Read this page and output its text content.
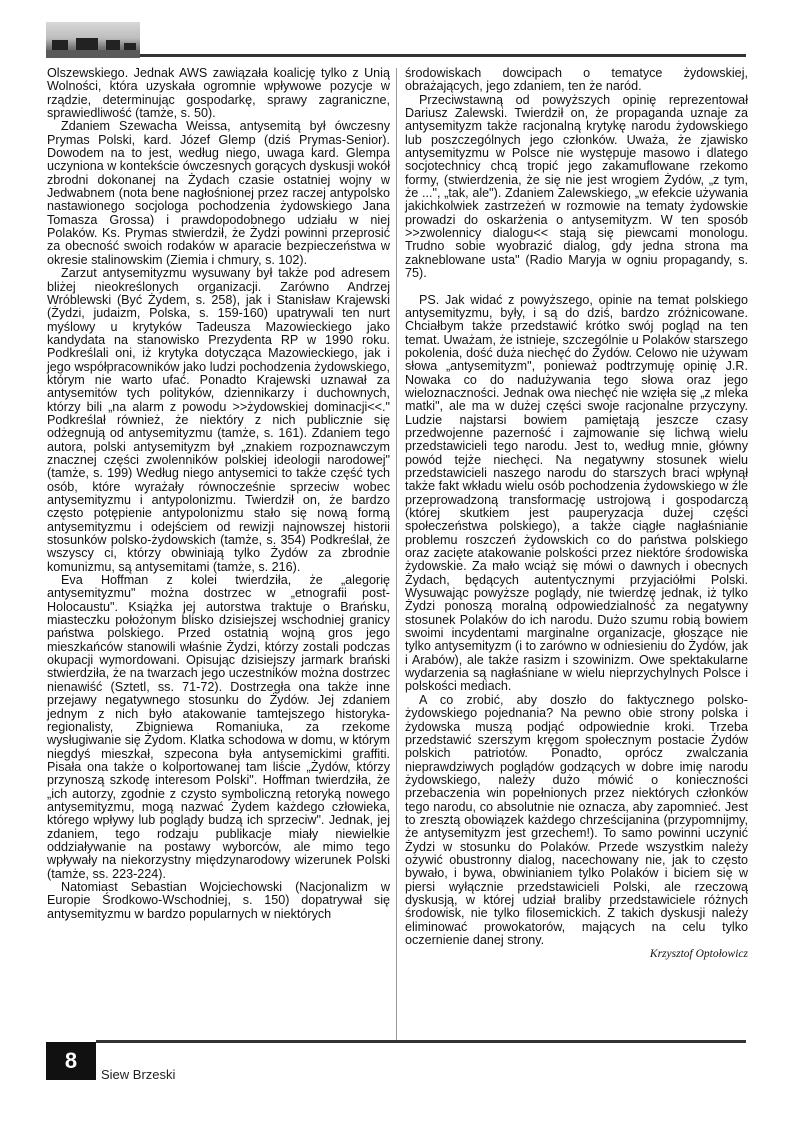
Olszewskiego. Jednak AWS zawiązała koalicję tylko z Unią Wolności, która uzyskała ogromnie wpływowe pozycje w rządzie, determinując gospodarkę, sprawy zagraniczne, sprawiedliwość (tamże, s. 50).

Zdaniem Szewacha Weissa, antysemitą był ówczesny Prymas Polski, kard. Józef Glemp (dziś Prymas-Senior). Dowodem na to jest, według niego, uwaga kard. Glempa uczyniona w kontekście ówczesnych gorących dyskusji wokół zbrodni dokonanej na Żydach czasie ostatniej wojny w Jedwabnem (nota bene nagłośnionej przez raczej antypolsko nastawionego socjologa pochodzenia żydowskiego Jana Tomasza Grossa) i prawdopodobnego udziału w niej Polaków. Ks. Prymas stwierdził, że Żydzi powinni przeprosić za obecność swoich rodaków w aparacie bezpieczeństwa w okresie stalinowskim (Ziemia i chmury, s. 102).

Zarzut antysemityzmu wysuwany był także pod adresem bliżej nieokreślonych organizacji. Zarówno Andrzej Wróblewski (Być Żydem, s. 258), jak i Stanisław Krajewski (Żydzi, judaizm, Polska, s. 159-160) upatrywali ten nurt myślowy u krytyków Tadeusza Mazowieckiego jako kandydata na stanowisko Prezydenta RP w 1990 roku. Podkreślali oni, iż krytyka dotycząca Mazowieckiego, jak i jego współpracowników jako ludzi pochodzenia żydowskiego, którym nie warto ufać. Ponadto Krajewski uznawał za antysemitów tych polityków, dziennikarzy i duchownych, którzy bili „na alarm z powodu >>żydowskiej dominacji<<." Podkreślał również, że niektóry z nich publicznie się odżegnują od antysemityzmu (tamże, s. 161). Zdaniem tego autora, polski antysemityzm był „znakiem rozpoznawczym znacznej części zwolenników polskiej ideologii narodowej" (tamże, s. 199) Według niego antysemici to także część tych osób, które wyrażały równocześnie sprzeciw wobec antysemityzmu i antypolonizmu. Twierdził on, że bardzo często potępienie antypolonizmu stało się nową formą antysemityzmu i odejściem od rewizji najnowszej historii stosunków polsko-żydowskich (tamże, s. 354) Podkreślał, że wszyscy ci, którzy obwiniają tylko Żydów za zbrodnie komunizmu, są antysemitami (tamże, s. 216).

Eva Hoffman z kolei twierdziła, że „alegorię antysemityzmu" można dostrzec w „etnografii post-Holocaustu". Książka jej autorstwa traktuje o Brańsku, miasteczku położonym blisko dzisiejszej wschodniej granicy państwa polskiego. Przed ostatnią wojną gros jego mieszkańców stanowili właśnie Żydzi, którzy zostali podczas okupacji wymordowani. Opisując dzisiejszy jarmark brański stwierdziła, że na twarzach jego uczestników można dostrzec nienawiść (Sztetl, ss. 71-72). Dostrzegła ona także inne przejawy negatywnego stosunku do Żydów. Jej zdaniem jednym z nich było atakowanie tamtejszego historyka-regionalisty, Zbigniewa Romaniuka, za rzekome wysługiwanie się Żydom. Klatka schodowa w domu, w którym niegdyś mieszkał, szpecona była antysemickimi graffiti. Pisała ona także o kolportowanej tam liście „Żydów, którzy przynoszą szkodę interesom Polski". Hoffman twierdziła, że „ich autorzy, zgodnie z czysto symboliczną retoryką nowego antysemityzmu, mogą nazwać Żydem każdego człowieka, którego wpływy lub poglądy budzą ich sprzeciw". Jednak, jej zdaniem, tego rodzaju publikacje miały niewielkie oddziaływanie na postawy wyborców, ale mimo tego wpływały na niekorzystny międzynarodowy wizerunek Polski (tamże, ss. 223-224).

Natomiast Sebastian Wojciechowski (Nacjonalizm w Europie Środkowo-Wschodniej, s. 150) dopatrywał się antysemityzmu w bardzo popularnych w niektórych

środowiskach dowcipach o tematyce żydowskiej, obrażających, jego zdaniem, ten że naród.

Przeciwstawną od powyższych opinię reprezentował Dariusz Zalewski. Twierdził on, że propaganda uznaje za antysemityzm także racjonalną krytykę narodu żydowskiego lub poszczególnych jego członków. Uważa, że zjawisko antysemityzmu w Polsce nie występuje masowo i dlatego socjotechnicy chcą tropić jego zakamuflowane rzekomo formy, (stwierdzenia, że się nie jest wrogiem Żydów, „z tym, że ...", „tak, ale"). Zdaniem Zalewskiego, „w efekcie używania jakichkolwiek zastrzeżeń w rozmowie na tematy żydowskie prowadzi do oskarżenia o antysemityzm. W ten sposób >>zwolennicy dialogu<< stają się piewcami monologu. Trudno sobie wyobrazić dialog, gdy jedna strona ma zakneblowane usta" (Radio Maryja w ogniu propagandy, s. 75).

PS. Jak widać z powyższego, opinie na temat polskiego antysemityzmu, były, i są do dziś, bardzo zróżnicowane. Chciałbym także przedstawić krótko swój pogląd na ten temat. Uważam, że istnieje, szczególnie u Polaków starszego pokolenia, dość duża niechęć do Żydów. Celowo nie używam słowa „antysemityzm", ponieważ podtrzymuję opinię J.R. Nowaka co do nadużywania tego słowa oraz jego wieloznaczności. Jednak owa niechęć nie wzięła się „z mleka matki", ale ma w dużej części swoje racjonalne przyczyny. Ludzie najstarsi bowiem pamiętają jeszcze czasy przedwojenne pazerność i zajmowanie się lichwą wielu przedstawicieli tego narodu. Jest to, według mnie, główny powód tejże niechęci. Na negatywny stosunek wielu przedstawicieli naszego narodu do starszych braci wpłynął także fakt wkładu wielu osób pochodzenia żydowskiego w źle przeprowadzoną transformację ustrojową i gospodarczą (której skutkiem jest pauperyzacja dużej części społeczeństwa polskiego), a także ciągłe nagłaśnianie problemu roszczeń żydowskich co do państwa polskiego oraz zacięte atakowanie polskości przez niektóre środowiska żydowskie. Za mało wciąż się mówi o dawnych i obecnych Żydach, będących autentycznymi przyjaciółmi Polski. Wysuwając powyższe poglądy, nie twierdzę jednak, iż tylko Żydzi ponoszą moralną odpowiedzialność za negatywny stosunek Polaków do ich narodu. Dużo szumu robią bowiem swoimi incydentami marginalne organizacje, głoszące nie tylko antysemityzm (i to zarówno w odniesieniu do Żydów, jak i Arabów), ale także rasizm i szowinizm. Owe spektakularne wydarzenia są nagłaśniane w wielu nieprzychylnych Polsce i polskości mediach.

A co zrobić, aby doszło do faktycznego polsko-żydowskiego pojednania? Na pewno obie strony polska i żydowska muszą podjąć odpowiednie kroki. Trzeba przedstawić szerszym kręgom społecznym postacie Żydów polskich patriotów. Ponadto, oprócz zwalczania nieprawdziwych poglądów godzących w dobre imię narodu żydowskiego, należy dużo mówić o konieczności przebaczenia win popełnionych przez niektórych członków tego narodu, co absolutnie nie oznacza, aby zapomnieć. Jest to zresztą obowiązek każdego chrześcijanina (przypomnijmy, że antysemityzm jest grzechem!). To samo powinni uczynić Żydzi w stosunku do Polaków. Przede wszystkim należy ożywić obustronny dialog, nacechowany nie, jak to często bywało, i bywa, obwinianiem tylko Polaków i biciem się w piersi wyłącznie przedstawicieli Polski, ale rzeczową dyskusją, w której udział braliby przedstawiciele różnych środowisk, nie tylko filosemickich. Z takich dyskusji należy eliminować prowokatorów, mających na celu tylko oczernienie danej strony.

Krzysztof Optołowicz
8
Siew Brzeski
